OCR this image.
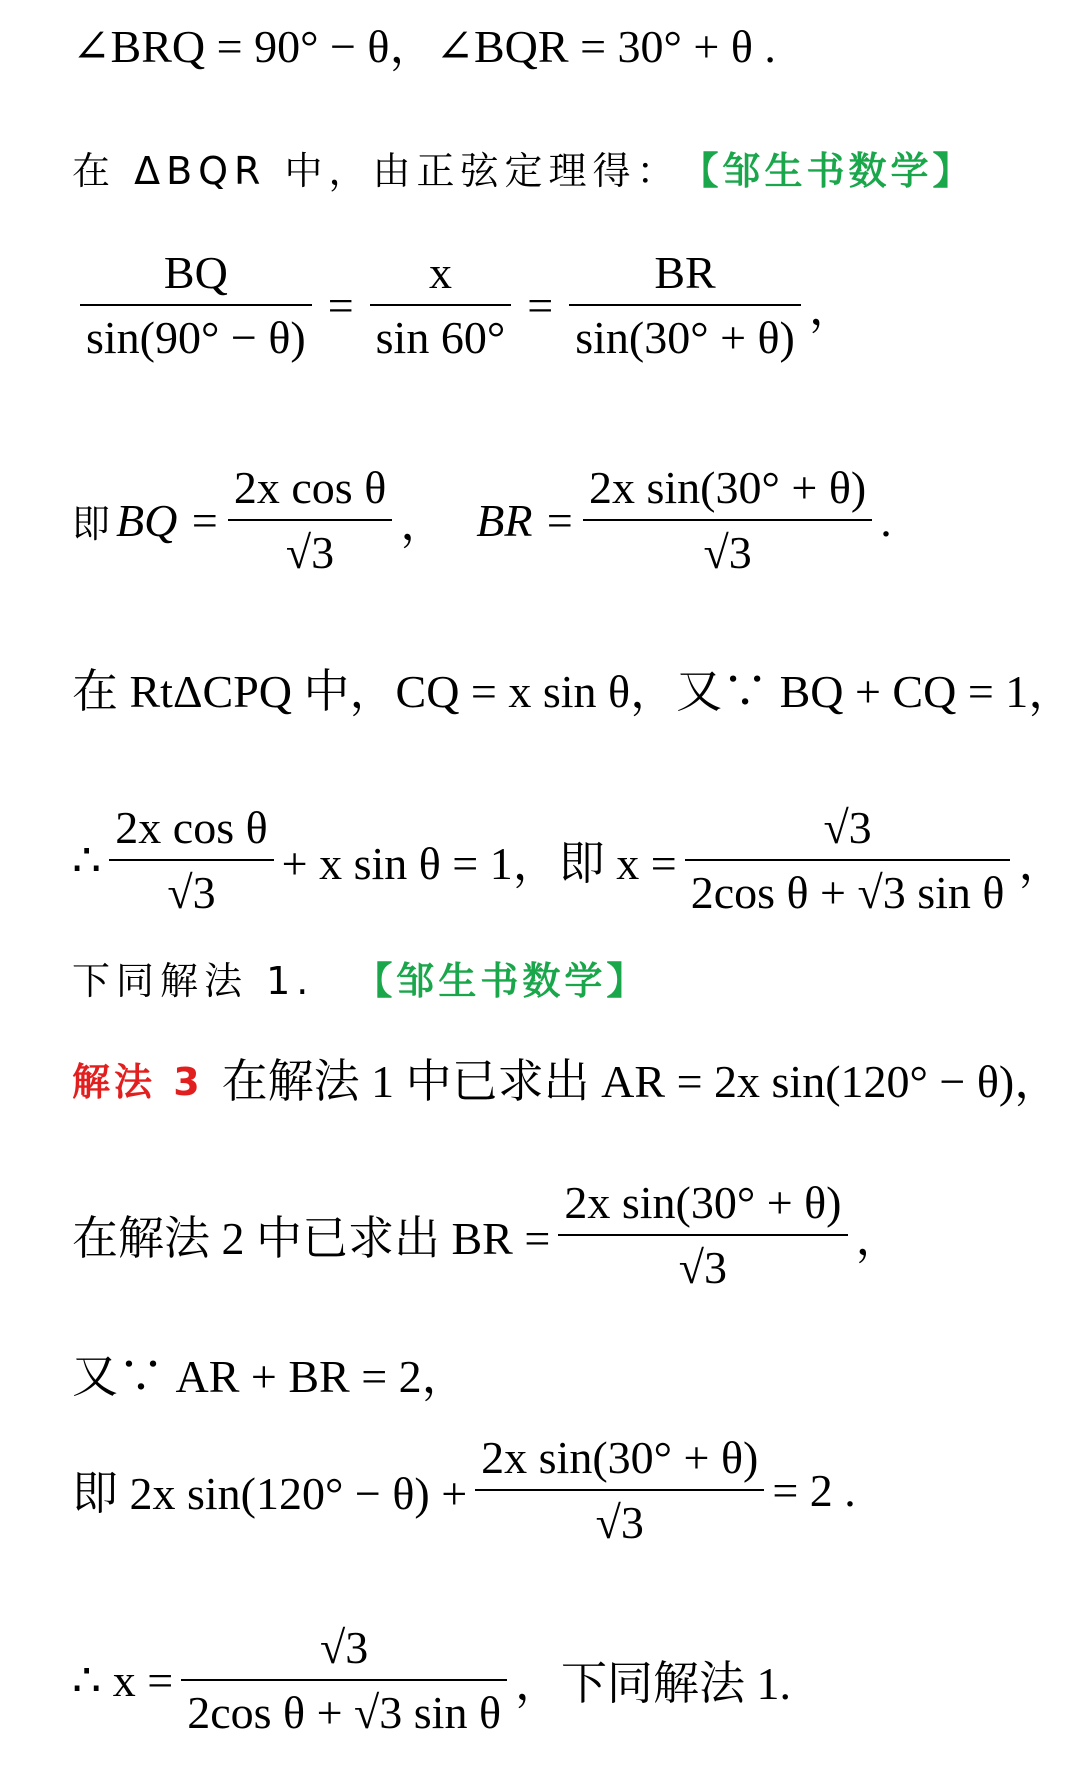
∠BRQ = 90° − θ，∠BQR = 30° + θ .
在 ΔBQR 中，由正弦定理得： 【邹生书数学】
$\frac{BQ}{\sin(90^\circ - \theta)} = \frac{x}{\sin 60^\circ} = \frac{BR}{\sin(30^\circ + \theta)}$ ，
即 BQ = $\frac{\text{2x cos θ}}{√3}$ ， BR = $\frac{\text{2x sin(30° + θ)}}{√3}$ .
在 RtΔCPQ 中，CQ = x sin θ，又∵ BQ + CQ = 1，
∴ $\frac{\text{2x cos θ}}{√3} + x$ sin θ = 1，即 $x = \frac{√3}{\text{2cos θ + √3 sin θ}}$ ，
下同解法 1. 【邹生书数学】
解法 3 在解法 1 中已求出 AR = 2x sin(120° − θ)，
在解法 2 中已求出 BR = $\frac{\text{2x sin(30° + θ)}}{√3}$ ，
又∵ AR + BR = 2，
即 2x $\sin(120^\circ - \theta) + \frac{\text{2x sin(30° + θ)}}{√3} = 2$ .
∴ $x = \frac{√3}{\text{2cos θ + √3 sin θ}}$ ，下同解法 1.
